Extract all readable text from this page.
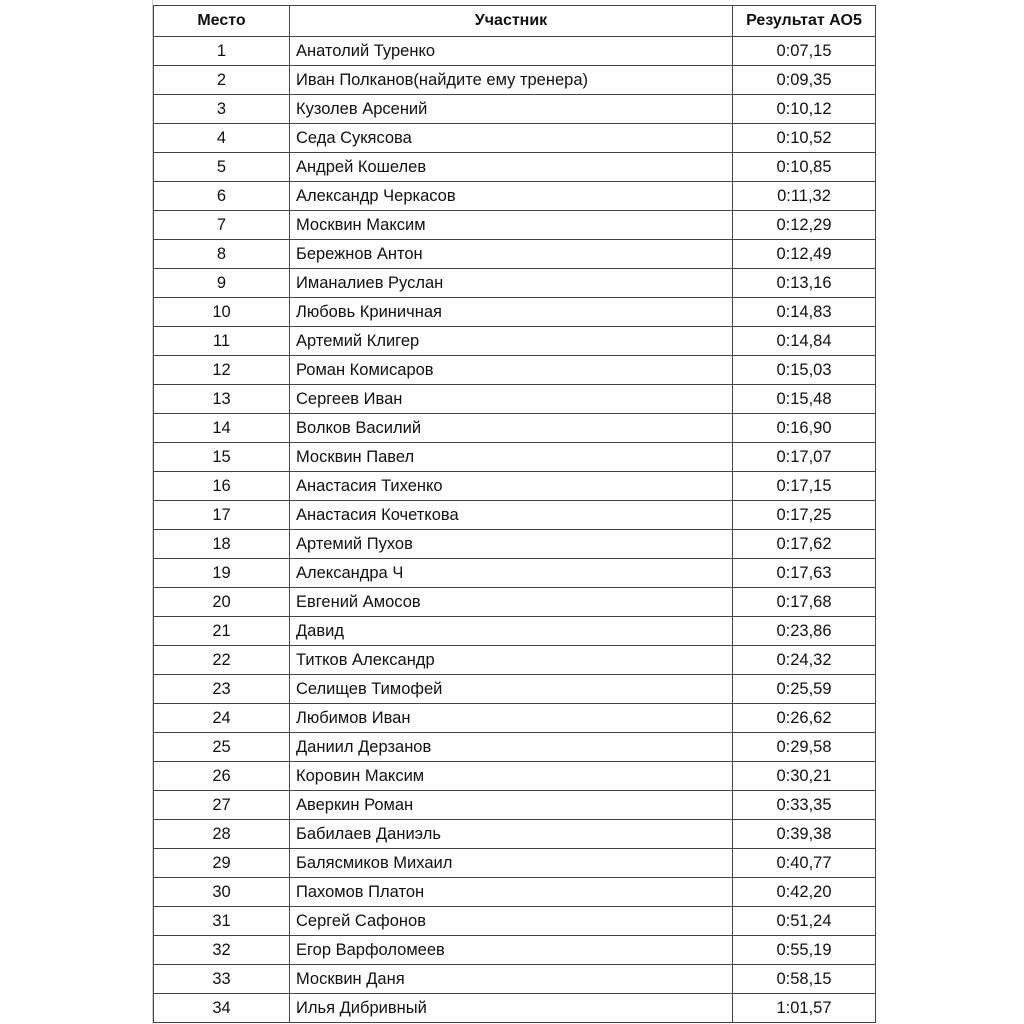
Место	Участник	Результат АО5
1	Анатолий Туренко	0:07,15
2	Иван Полканов(найдите ему тренера)	0:09,35
3	Кузолев Арсений	0:10,12
4	Седа Сукясова	0:10,52
5	Андрей Кошелев	0:10,85
6	Александр Черкасов	0:11,32
7	Москвин Максим	0:12,29
8	Бережнов Антон	0:12,49
9	Иманалиев Руслан	0:13,16
10	Любовь Криничная	0:14,83
11	Артемий Клигер	0:14,84
12	Роман Комисаров	0:15,03
13	Сергеев Иван	0:15,48
14	Волков Василий	0:16,90
15	Москвин Павел	0:17,07
16	Анастасия Тихенко	0:17,15
17	Анастасия Кочеткова	0:17,25
18	Артемий Пухов	0:17,62
19	Александра Ч	0:17,63
20	Евгений Амосов	0:17,68
21	Давид	0:23,86
22	Титков Александр	0:24,32
23	Селищев Тимофей	0:25,59
24	Любимов Иван	0:26,62
25	Даниил Дерзанов	0:29,58
26	Коровин Максим	0:30,21
27	Аверкин Роман	0:33,35
28	Бабилаев Даниэль	0:39,38
29	Балясмиков Михаил	0:40,77
30	Пахомов Платон	0:42,20
31	Сергей Сафонов	0:51,24
32	Егор Варфоломеев	0:55,19
33	Москвин Даня	0:58,15
34	Илья Дибривный	1:01,57
